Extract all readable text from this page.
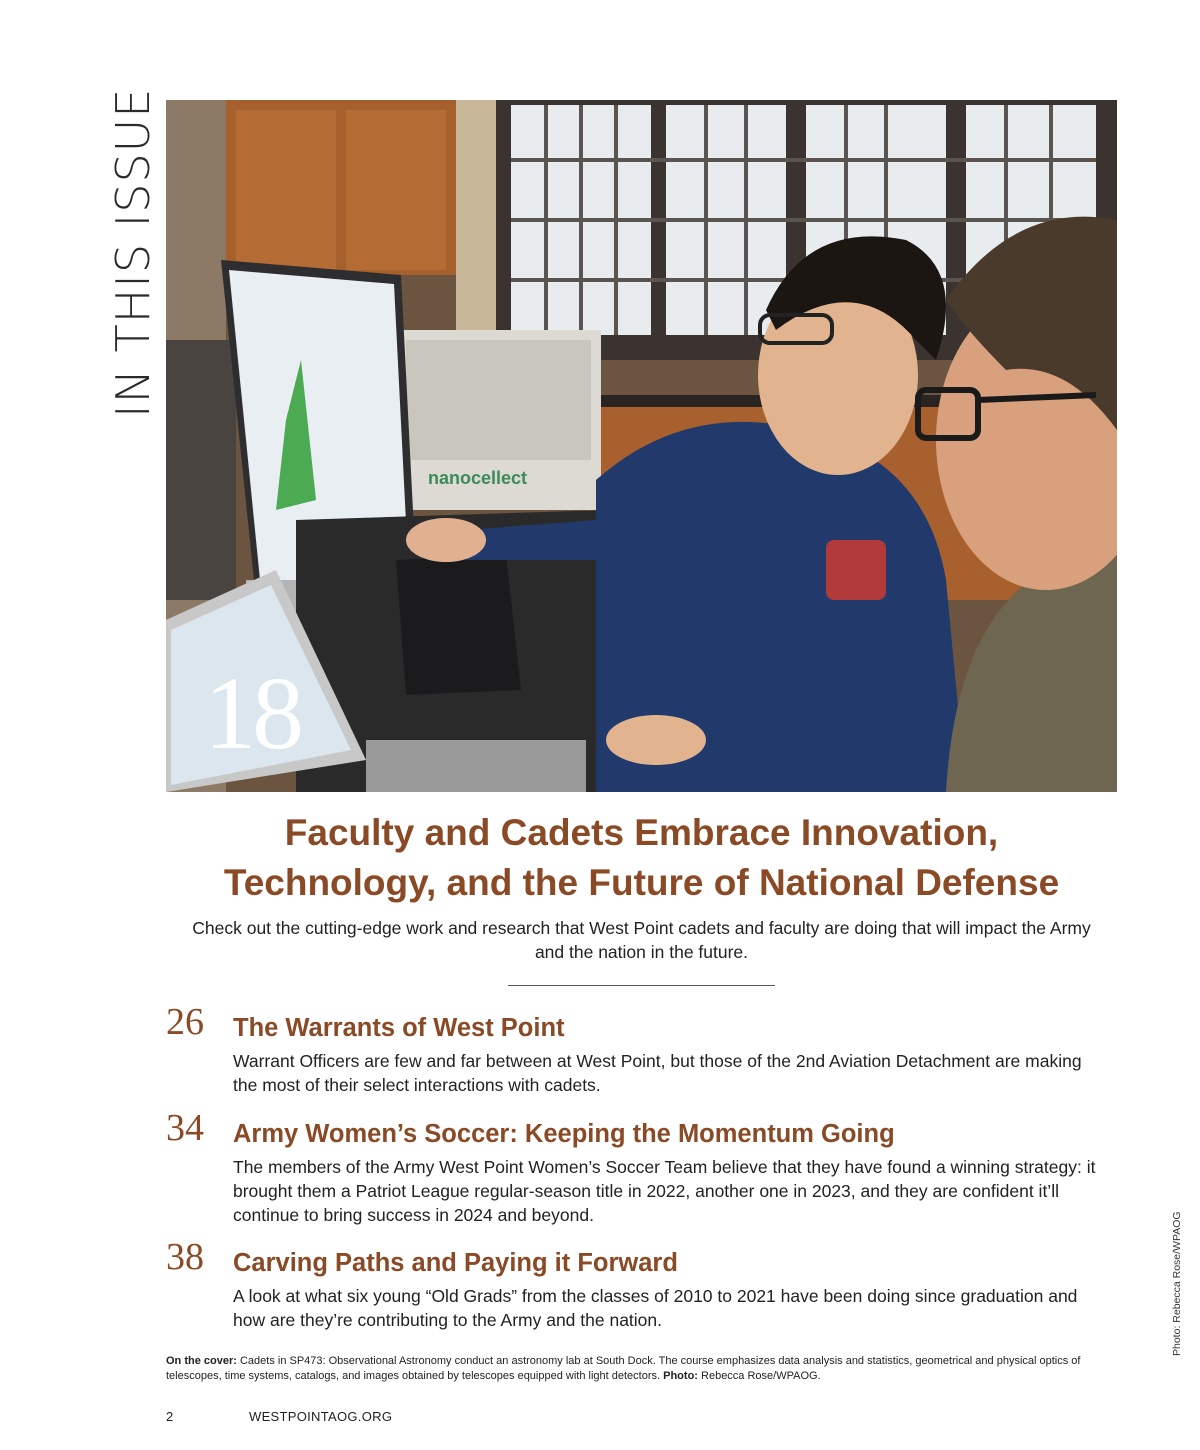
IN THIS ISSUE
nanocellect
18
Faculty and Cadets Embrace Innovation,
Technology, and the Future of National Defense
Check out the cutting-edge work and research that West Point cadets and faculty are doing that will impact the Army and the nation in the future.
26 The Warrants of West Point
Warrant Officers are few and far between at West Point, but those of the 2nd Aviation Detachment are making the most of their select interactions with cadets.
34 Army Women’s Soccer: Keeping the Momentum Going
The members of the Army West Point Women’s Soccer Team believe that they have found a winning strategy: it brought them a Patriot League regular-season title in 2022, another one in 2023, and they are confident it’ll continue to bring success in 2024 and beyond.
38 Carving Paths and Paying it Forward
A look at what six young “Old Grads” from the classes of 2010 to 2021 have been doing since graduation and how are they’re contributing to the Army and the nation.
On the cover: Cadets in SP473: Observational Astronomy conduct an astronomy lab at South Dock. The course emphasizes data analysis and statistics, geometrical and physical optics of telescopes, time systems, catalogs, and images obtained by telescopes equipped with light detectors. Photo: Rebecca Rose/WPAOG.
Photo: Rebecca Rose/WPAOG
2	WESTPOINTAOG.ORG
